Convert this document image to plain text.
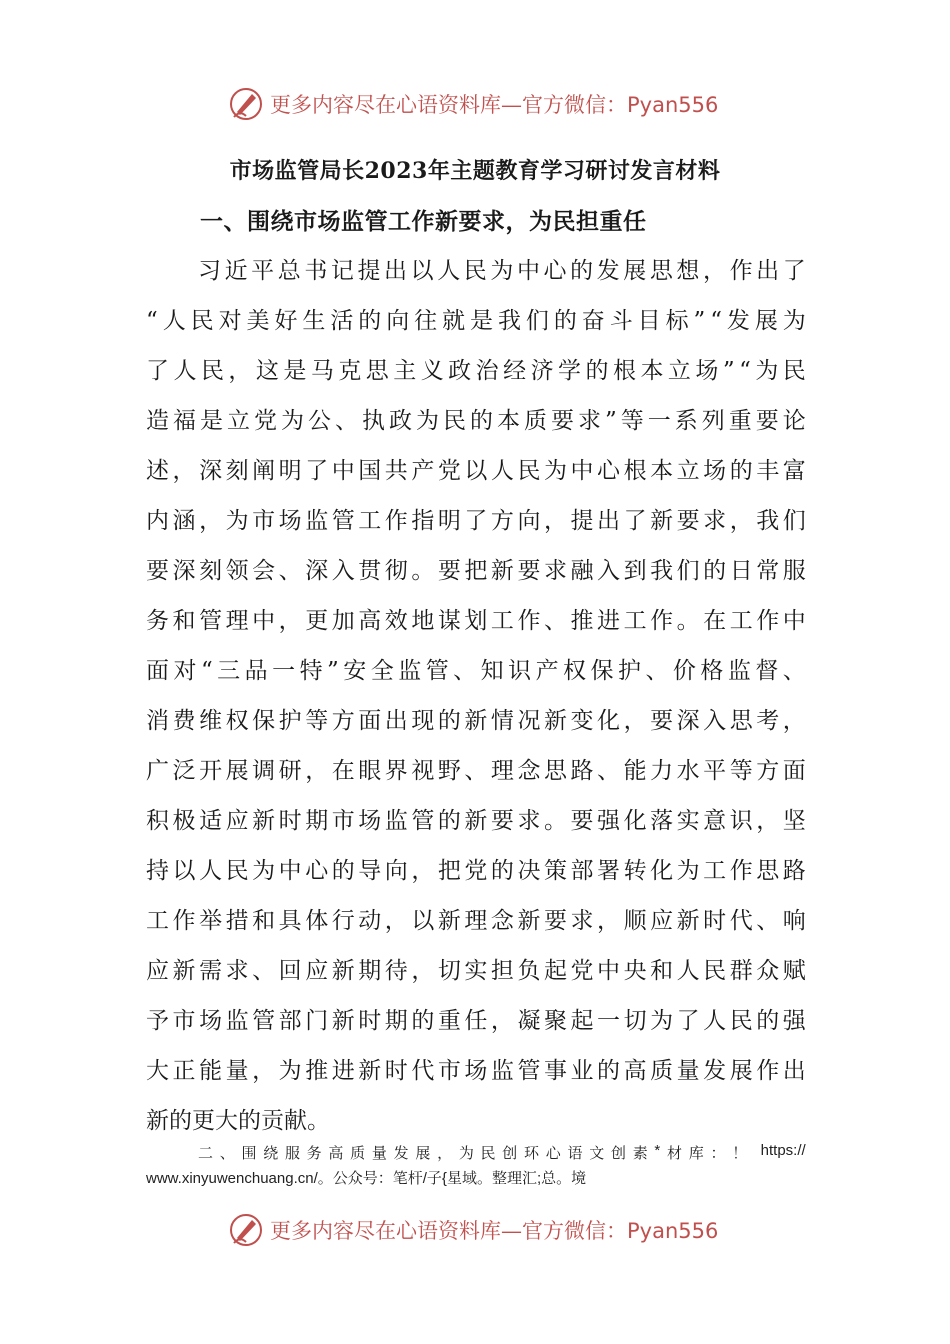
更多内容尽在心语资料库—官方微信：Pyan556
市场监管局长2023年主题教育学习研讨发言材料
一、围绕市场监管工作新要求，为民担重任
习 近 平 总 书 记 提 出 以 人 民 为 中 心 的 发 展 思 想 ， 作 出 了
“ 人 民 对 美 好 生 活 的 向 往 就 是 我 们 的 奋 斗 目 标 ” “ 发 展 为
了 人 民 ， 这 是 马 克 思 主 义 政 治 经 济 学 的 根 本 立 场 ” “ 为 民
造 福 是 立 党 为 公 、 执 政 为 民 的 本 质 要 求 ” 等 一 系 列 重 要 论
述 ， 深 刻 阐 明 了 中 国 共 产 党 以 人 民 为 中 心 根 本 立 场 的 丰 富
内 涵 ， 为 市 场 监 管 工 作 指 明 了 方 向 ， 提 出 了 新 要 求 ， 我 们
要 深 刻 领 会 、 深 入 贯 彻 。 要 把 新 要 求 融 入 到 我 们 的 日 常 服
务 和 管 理 中 ， 更 加 高 效 地 谋 划 工 作 、 推 进 工 作 。 在 工 作 中
面 对 “ 三 品 一 特 ” 安 全 监 管 、 知 识 产 权 保 护 、 价 格 监 督 、
消 费 维 权 保 护 等 方 面 出 现 的 新 情 况 新 变 化 ， 要 深 入 思 考 ，
广 泛 开 展 调 研 ， 在 眼 界 视 野 、 理 念 思 路 、 能 力 水 平 等 方 面
积 极 适 应 新 时 期 市 场 监 管 的 新 要 求 。 要 强 化 落 实 意 识 ， 坚
持 以 人 民 为 中 心 的 导 向 ， 把 党 的 决 策 部 署 转 化 为 工 作 思 路
工 作 举 措 和 具 体 行 动 ， 以 新 理 念 新 要 求 ， 顺 应 新 时 代 、 响
应 新 需 求 、 回 应 新 期 待 ， 切 实 担 负 起 党 中 央 和 人 民 群 众 赋
予 市 场 监 管 部 门 新 时 期 的 重 任 ， 凝 聚 起 一 切 为 了 人 民 的 强
大 正 能 量 ， 为 推 进 新 时 代 市 场 监 管 事 业 的 高 质 量 发 展 作 出
新 的 更 大 的 贡 献 。
二 、 围 绕 服 务 高 质 量 发 展 ， 为 民 创 环 心 语 文 创 素 * 材 库 ： ！ https://
www.xinyuwenchuang.cn/。公众号：笔杆/子{星域。整理汇;总。境
更多内容尽在心语资料库—官方微信：Pyan556
